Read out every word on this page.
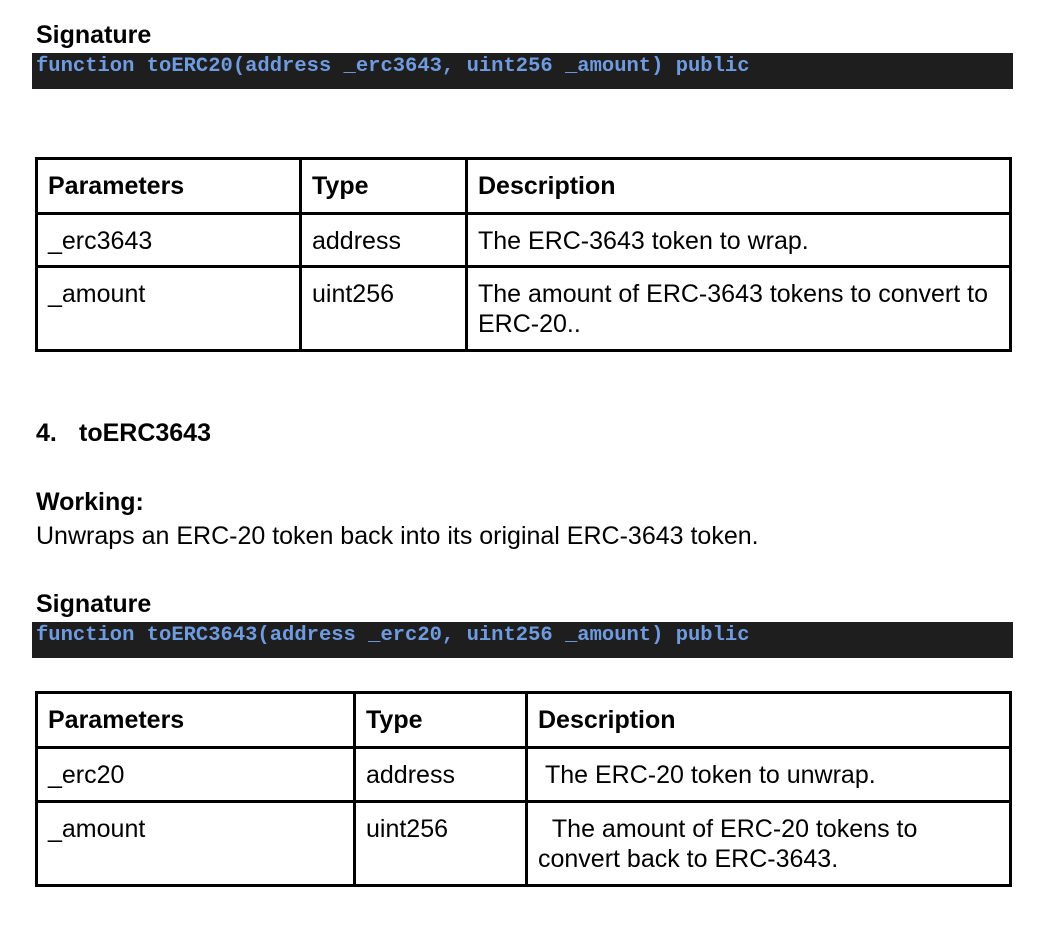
Signature
function toERC20(address _erc3643, uint256 _amount) public
Parameters	Type	Description
_erc3643	address	The ERC-3643 token to wrap.
_amount	uint256	The amount of ERC-3643 tokens to convert to ERC-20..
4. toERC3643
Working:
Unwraps an ERC-20 token back into its original ERC-3643 token.
Signature
function toERC3643(address _erc20, uint256 _amount) public
Parameters	Type	Description
_erc20	address	The ERC-20 token to unwrap.
_amount	uint256	The amount of ERC-20 tokens to convert back to ERC-3643.
